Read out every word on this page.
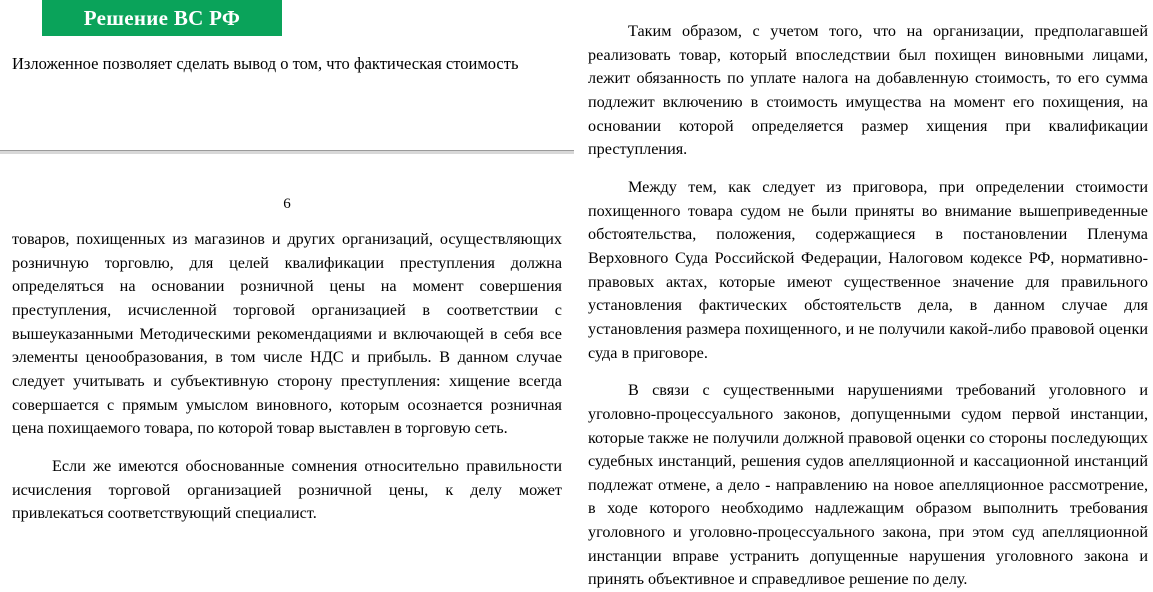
Решение ВС РФ
Изложенное позволяет сделать вывод о том, что фактическая стоимость
6

товаров, похищенных из магазинов и других организаций, осуществляющих розничную торговлю, для целей квалификации преступления должна определяться на основании розничной цены на момент совершения преступления, исчисленной торговой организацией в соответствии с вышеуказанными Методическими рекомендациями и включающей в себя все элементы ценообразования, в том числе НДС и прибыль. В данном случае следует учитывать и субъективную сторону преступления: хищение всегда совершается с прямым умыслом виновного, которым осознается розничная цена похищаемого товара, по которой товар выставлен в торговую сеть.

Если же имеются обоснованные сомнения относительно правильности исчисления торговой организацией розничной цены, к делу может привлекаться соответствующий специалист.

Таким образом, с учетом того, что на организации, предполагавшей реализовать товар, который впоследствии был похищен виновными лицами, лежит обязанность по уплате налога на добавленную стоимость, то его сумма подлежит включению в стоимость имущества на момент его похищения, на основании которой определяется размер хищения при квалификации преступления.

Между тем, как следует из приговора, при определении стоимости похищенного товара судом не были приняты во внимание вышеприведенные обстоятельства, положения, содержащиеся в постановлении Пленума Верховного Суда Российской Федерации, Налоговом кодексе РФ, нормативно-правовых актах, которые имеют существенное значение для правильного установления фактических обстоятельств дела, в данном случае для установления размера похищенного, и не получили какой-либо правовой оценки суда в приговоре.

В связи с существенными нарушениями требований уголовного и уголовно-процессуального законов, допущенными судом первой инстанции, которые также не получили должной правовой оценки со стороны последующих судебных инстанций, решения судов апелляционной и кассационной инстанций подлежат отмене, а дело - направлению на новое апелляционное рассмотрение, в ходе которого необходимо надлежащим образом выполнить требования уголовного и уголовно-процессуального закона, при этом суд апелляционной инстанции вправе устранить допущенные нарушения уголовного закона и принять объективное и справедливое решение по делу.
